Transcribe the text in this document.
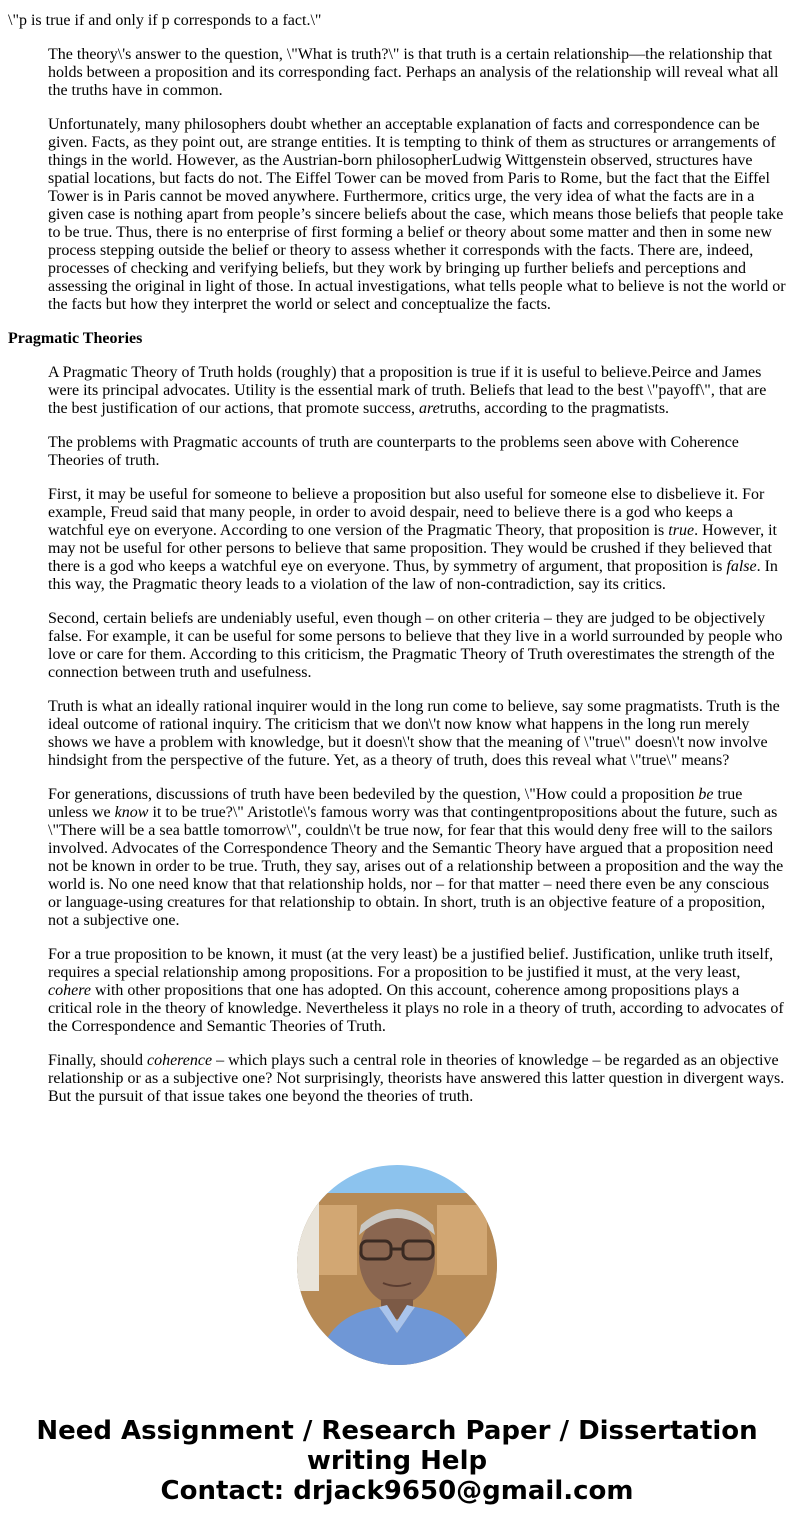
\"p is true if and only if p corresponds to a fact.\"

The theory\'s answer to the question, \"What is truth?\" is that truth is a certain relationship—the relationship that holds between a proposition and its corresponding fact. Perhaps an analysis of the relationship will reveal what all the truths have in common.

Unfortunately, many philosophers doubt whether an acceptable explanation of facts and correspondence can be given. Facts, as they point out, are strange entities. It is tempting to think of them as structures or arrangements of things in the world. However, as the Austrian-born philosopherLudwig Wittgenstein observed, structures have spatial locations, but facts do not. The Eiffel Tower can be moved from Paris to Rome, but the fact that the Eiffel Tower is in Paris cannot be moved anywhere. Furthermore, critics urge, the very idea of what the facts are in a given case is nothing apart from people’s sincere beliefs about the case, which means those beliefs that people take to be true. Thus, there is no enterprise of first forming a belief or theory about some matter and then in some new process stepping outside the belief or theory to assess whether it corresponds with the facts. There are, indeed, processes of checking and verifying beliefs, but they work by bringing up further beliefs and perceptions and assessing the original in light of those. In actual investigations, what tells people what to believe is not the world or the facts but how they interpret the world or select and conceptualize the facts.

Pragmatic Theories

A Pragmatic Theory of Truth holds (roughly) that a proposition is true if it is useful to believe.Peirce and James were its principal advocates. Utility is the essential mark of truth. Beliefs that lead to the best \"payoff\", that are the best justification of our actions, that promote success, aretruths, according to the pragmatists.

The problems with Pragmatic accounts of truth are counterparts to the problems seen above with Coherence Theories of truth.

First, it may be useful for someone to believe a proposition but also useful for someone else to disbelieve it. For example, Freud said that many people, in order to avoid despair, need to believe there is a god who keeps a watchful eye on everyone. According to one version of the Pragmatic Theory, that proposition is true. However, it may not be useful for other persons to believe that same proposition. They would be crushed if they believed that there is a god who keeps a watchful eye on everyone. Thus, by symmetry of argument, that proposition is false. In this way, the Pragmatic theory leads to a violation of the law of non-contradiction, say its critics.

Second, certain beliefs are undeniably useful, even though – on other criteria – they are judged to be objectively false. For example, it can be useful for some persons to believe that they live in a world surrounded by people who love or care for them. According to this criticism, the Pragmatic Theory of Truth overestimates the strength of the connection between truth and usefulness.

Truth is what an ideally rational inquirer would in the long run come to believe, say some pragmatists. Truth is the ideal outcome of rational inquiry. The criticism that we don\'t now know what happens in the long run merely shows we have a problem with knowledge, but it doesn\'t show that the meaning of \"true\" doesn\'t now involve hindsight from the perspective of the future. Yet, as a theory of truth, does this reveal what \"true\" means?

For generations, discussions of truth have been bedeviled by the question, \"How could a proposition be true unless we know it to be true?\" Aristotle\'s famous worry was that contingentpropositions about the future, such as \"There will be a sea battle tomorrow\", couldn\'t be true now, for fear that this would deny free will to the sailors involved. Advocates of the Correspondence Theory and the Semantic Theory have argued that a proposition need not be known in order to be true. Truth, they say, arises out of a relationship between a proposition and the way the world is. No one need know that that relationship holds, nor – for that matter – need there even be any conscious or language-using creatures for that relationship to obtain. In short, truth is an objective feature of a proposition, not a subjective one.

For a true proposition to be known, it must (at the very least) be a justified belief. Justification, unlike truth itself, requires a special relationship among propositions. For a proposition to be justified it must, at the very least, cohere with other propositions that one has adopted. On this account, coherence among propositions plays a critical role in the theory of knowledge. Nevertheless it plays no role in a theory of truth, according to advocates of the Correspondence and Semantic Theories of Truth.

Finally, should coherence – which plays such a central role in theories of knowledge – be regarded as an objective relationship or as a subjective one? Not surprisingly, theorists have answered this latter question in divergent ways. But the pursuit of that issue takes one beyond the theories of truth.

Need Assignment / Research Paper / Dissertation
writing Help
Contact: drjack9650@gmail.com
